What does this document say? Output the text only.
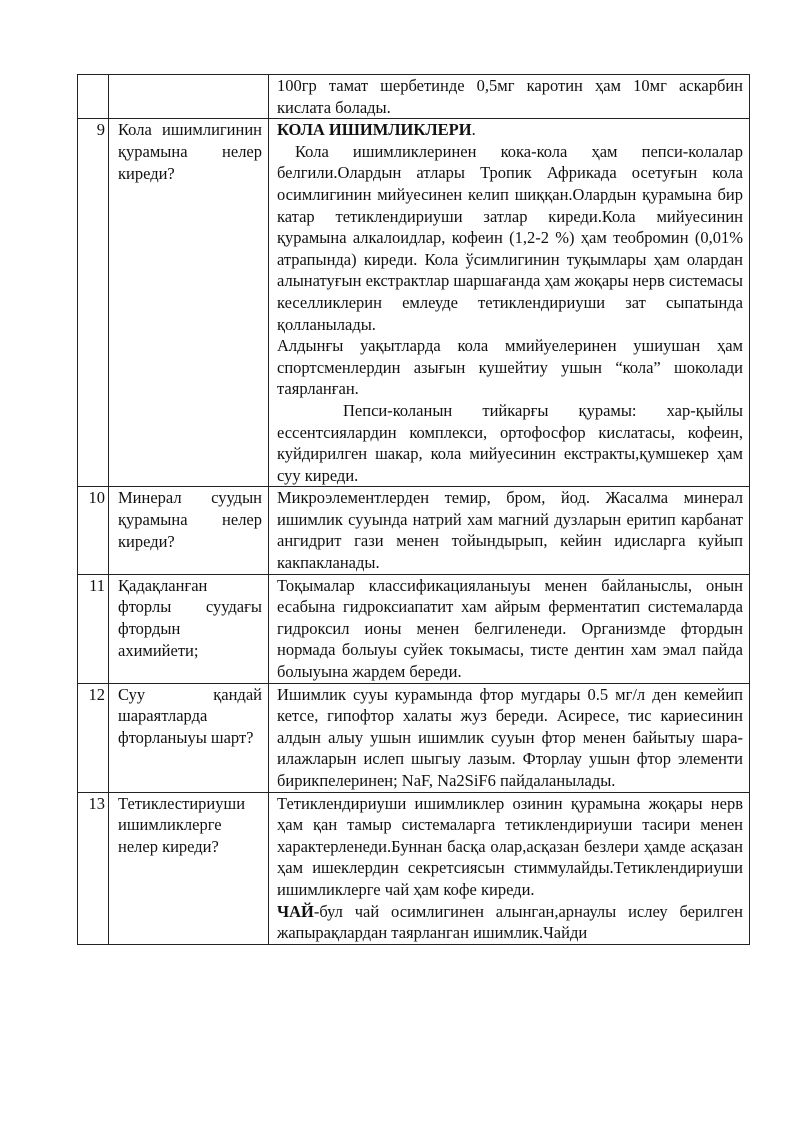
		100гр тамат шербетинде 0,5мг каротин ҳам 10мг аскарбин кислата болады.

9	Кола ишимлигинин қурамына нелер киреди?	КОЛА ИШИМЛИКЛЕРИ.

Кола ишимликлеринен кока-кола ҳам пепси-колалар белгили.Олардын атлары Тропик Африкада осетуғын кола осимлигинин мийуесинен келип шиққан.Олардын қурамына бир катар тетиклендириуши затлар киреди.Кола мийуесинин қурамына алкалоидлар, кофеин (1,2-2 %) ҳам теобромин (0,01% атрапында) киреди. Кола ўсимлигинин туқымлары ҳам олардан алынатуғын екстрактлар шаршағанда ҳам жоқары нерв системасы кеселликлерин емлеуде тетиклендириуши зат сыпатында қолланылады.

Алдынғы уақытларда кола ммийуелеринен ушиушан ҳам спортсменлердин азығын кушейтиу ушын “кола” шоколади таярланған.

Пепси-коланын тийкарғы қурамы: хар-қыйлы ессентсиялардин комплекси, ортофосфор кислатасы, кофеин, куйдирилген шакар, кола мийуесинин екстракты,қумшекер ҳам суу киреди.

10	Минерал суудын қурамына нелер киреди?	Микроэлементлерден темир, бром, йод. Жасалма минерал ишимлик сууында натрий хам магний дузларын еритип карбанат ангидрит гази менен тойындырып, кейин идисларга куйып какпакланады.

11	Қадақланған фторлы суудағы фтордын ахимийети;	Тоқымалар классификацияланыуы менен байланыслы, онын есабына гидроксиапатит хам айрым ферментатип системаларда гидроксил ионы менен белгиленеди. Организмде фтордын нормада болыуы суйек токымасы, тисте дентин хам эмал пайда болыуына жардем береди.

12	Суу қандай шараятларда фторланыуы шарт?	Ишимлик сууы курамында фтор мугдары 0.5 мг/л ден кемейип кетсе, гипофтор халаты жуз береди. Асиресе, тис кариесинин алдын алыу ушын ишимлик сууын фтор менен байытыу шара-илажларын ислеп шыгыу лазым. Фторлау ушын фтор элементи бирикпелеринен; NaF, Na2SiF6 пайдаланылады.

13	Тетиклестириуши ишимликлерге нелер киреди?	Тетиклендириуши ишимликлер озинин қурамына жоқары нерв ҳам қан тамыр системаларга тетиклендириуши тасири менен характерленеди.Буннан басқа олар,асқазан безлери ҳамде асқазан ҳам ишеклердин секретсиясын стиммулайды.Тетиклендириуши ишимликлерге чай ҳам кофе киреди.

ЧАЙ-бул чай осимлигинен алынган,арнаулы ислеу берилген жапырақлардан таярланган ишимлик.Чайди
